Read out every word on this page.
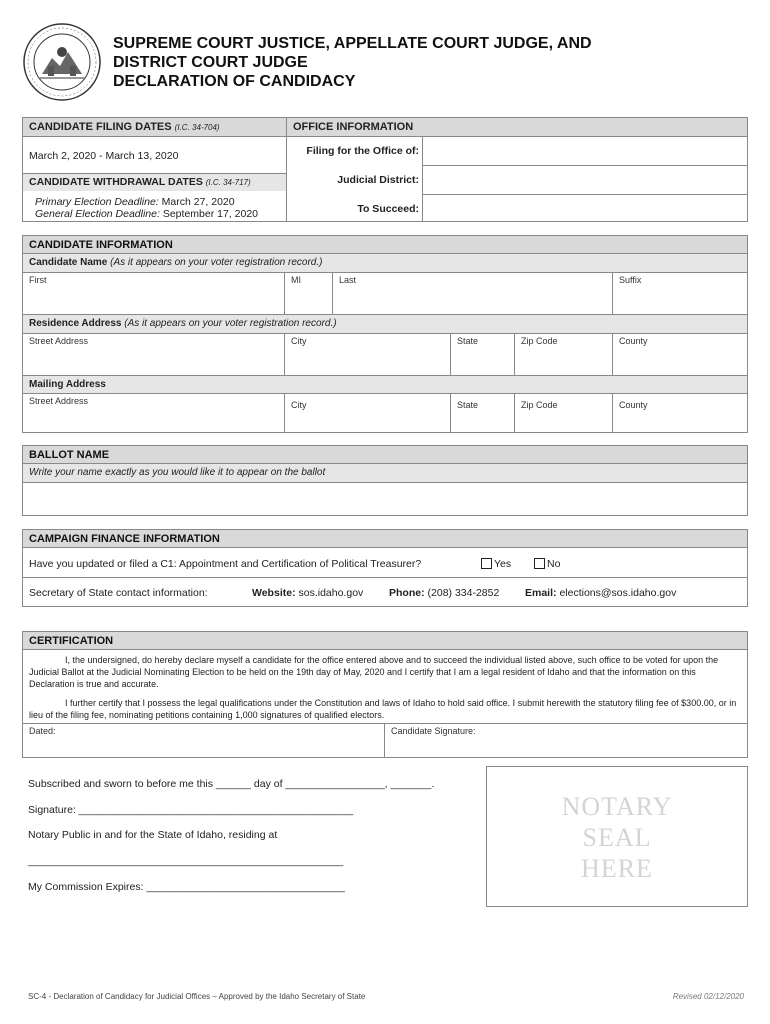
SUPREME COURT JUSTICE, APPELLATE COURT JUDGE, AND
DISTRICT COURT JUDGE
DECLARATION OF CANDIDACY
CANDIDATE FILING DATES (I.C. 34-704)	OFFICE INFORMATION
March 2, 2020 - March 13, 2020
CANDIDATE WITHDRAWAL DATES (I.C. 34-717)
Primary Election Deadline: March 27, 2020
General Election Deadline: September 17, 2020
Filing for the Office of:
Judicial District:
To Succeed:
CANDIDATE INFORMATION
Candidate Name (As it appears on your voter registration record.)
First	MI	Last	Suffix
Residence Address (As it appears on your voter registration record.)
Street Address	City	State	Zip Code	County
Mailing Address
Street Address	City	State	Zip Code	County
BALLOT NAME
Write your name exactly as you would like it to appear on the ballot
CAMPAIGN FINANCE INFORMATION
Have you updated or filed a C1: Appointment and Certification of Political Treasurer?	Yes	No
Secretary of State contact information:	Website: sos.idaho.gov Phone: (208) 334-2852 Email: elections@sos.idaho.gov
CERTIFICATION
I, the undersigned, do hereby declare myself a candidate for the office entered above and to succeed the individual listed above, such office to be voted for upon the Judicial Ballot at the Judicial Nominating Election to be held on the 19th day of May, 2020 and I certify that I am a legal resident of Idaho and that the information on this Declaration is true and accurate.
I further certify that I possess the legal qualifications under the Constitution and laws of Idaho to hold said office. I submit herewith the statutory filing fee of $300.00, or in lieu of the filing fee, nominating petitions containing 1,000 signatures of qualified electors.
Dated:	Candidate Signature:
Subscribed and sworn to before me this ______ day of _________________, _______.
Signature: _______________________________________________
Notary Public in and for the State of Idaho, residing at
______________________________________________________
My Commission Expires: __________________________________
NOTARY
SEAL
HERE
SC-4 - Declaration of Candidacy for Judicial Offices – Approved by the Idaho Secretary of State	Revised 02/12/2020
